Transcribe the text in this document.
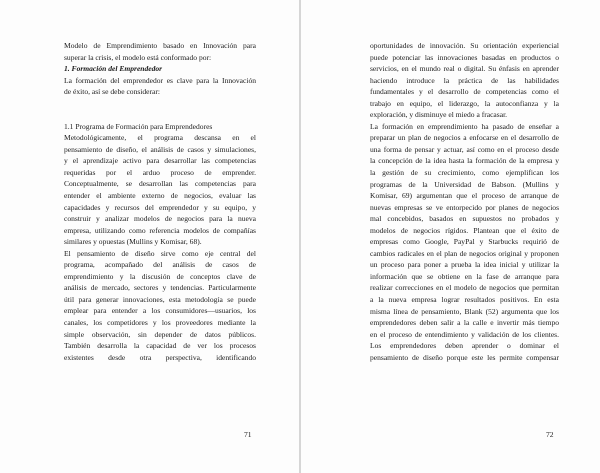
Modelo de Emprendimiento basado en Innovación para
superar la crisis, el modelo está conformado por:
1. Formación del Emprendedor
La formación del emprendedor es clave para la Innovación
de éxito, así se debe considerar:
1.1 Programa de Formación para Emprendedores
Metodológicamente, el programa descansa en el
pensamiento de diseño, el análisis de casos y simulaciones,
y el aprendizaje activo para desarrollar las competencias
requeridas por el arduo proceso de emprender.
Conceptualmente, se desarrollan las competencias para
entender el ambiente externo de negocios, evaluar las
capacidades y recursos del emprendedor y su equipo, y
construir y analizar modelos de negocios para la nueva
empresa, utilizando como referencia modelos de compañías
similares y opuestas (Mullins y Komisar, 68).
El pensamiento de diseño sirve como eje central del
programa, acompañado del análisis de casos de
emprendimiento y la discusión de conceptos clave de
análisis de mercado, sectores y tendencias. Particularmente
útil para generar innovaciones, esta metodología se puede
emplear para entender a los consumidores––usuarios, los
canales, los competidores y los proveedores mediante la
simple observación, sin depender de datos públicos.
También desarrolla la capacidad de ver los procesos
existentes desde otra perspectiva, identificando
oportunidades de innovación. Su orientación experiencial
puede potenciar las innovaciones basadas en productos o
servicios, en el mundo real o digital. Su énfasis en aprender
haciendo introduce la práctica de las habilidades
fundamentales y el desarrollo de competencias como el
trabajo en equipo, el liderazgo, la autoconfianza y la
exploración, y disminuye el miedo a fracasar.
La formación en emprendimiento ha pasado de enseñar a
preparar un plan de negocios a enfocarse en el desarrollo de
una forma de pensar y actuar, así como en el proceso desde
la concepción de la idea hasta la formación de la empresa y
la gestión de su crecimiento, como ejemplifican los
programas de la Universidad de Babson. (Mullins y
Komisar, 69) argumentan que el proceso de arranque de
nuevas empresas se ve entorpecido por planes de negocios
mal concebidos, basados en supuestos no probados y
modelos de negocios rígidos. Plantean que el éxito de
empresas como Google, PayPal y Starbucks requirió de
cambios radicales en el plan de negocios original y proponen
un proceso para poner a prueba la idea inicial y utilizar la
información que se obtiene en la fase de arranque para
realizar correcciones en el modelo de negocios que permitan
a la nueva empresa lograr resultados positivos. En esta
misma línea de pensamiento, Blank (52) argumenta que los
emprendedores deben salir a la calle e invertir más tiempo
en el proceso de entendimiento y validación de los clientes.
Los emprendedores deben aprender o dominar el
pensamiento de diseño porque este les permite compensar
71	72
